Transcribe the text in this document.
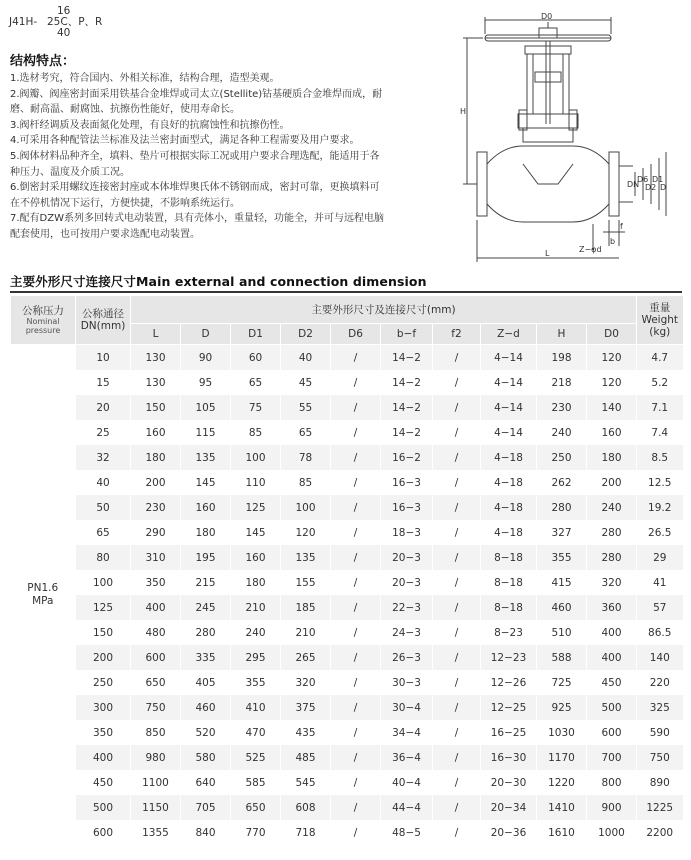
J41H-
16
25C、P、R
40
结构特点：
1.选材考究，符合国内、外相关标准，结构合理，造型美观。
2.阀瓣、阀座密封面采用铁基合金堆焊或司太立(Stellite)钴基硬质合金堆焊而成，耐
磨、耐高温、耐腐蚀、抗擦伤性能好，使用寿命长。
3.阀杆经调质及表面氮化处理，有良好的抗腐蚀性和抗擦伤性。
4.可采用各种配管法兰标准及法兰密封面型式，满足各种工程需要及用户要求。
5.阀体材料品种齐全，填料、垫片可根据实际工况或用户要求合理选配，能适用于各
种压力、温度及介质工况。
6.倒密封采用螺纹连接密封座或本体堆焊奥氏体不锈钢而成，密封可靠，更换填料可
在不停机情况下运行，方便快捷，不影响系统运行。
7.配有DZW系列多回转式电动装置，具有壳体小，重量轻，功能全，并可与远程电脑
配套使用，也可按用户要求选配电动装置。
D0
H
DN
D6
D2
D1
D
Z−φd
b
f
L
主要外形尺寸连接尺寸Main external and connection dimension
公称压力
Nominal
pressure	公称通径
DN(mm)	主要外形尺寸及连接尺寸(mm)										重量
Weight
(kg)

		L	D	D1	D2	D6	b−f	f2	Z−d	H	D0	

PN1.6
MPa	10	130	90	60	40	/	14−2	/	4−14	198	120	4.7
	15	130	95	65	45	/	14−2	/	4−14	218	120	5.2
	20	150	105	75	55	/	14−2	/	4−14	230	140	7.1
	25	160	115	85	65	/	14−2	/	4−14	240	160	7.4
	32	180	135	100	78	/	16−2	/	4−18	250	180	8.5
	40	200	145	110	85	/	16−3	/	4−18	262	200	12.5
	50	230	160	125	100	/	16−3	/	4−18	280	240	19.2
	65	290	180	145	120	/	18−3	/	4−18	327	280	26.5
	80	310	195	160	135	/	20−3	/	8−18	355	280	29
	100	350	215	180	155	/	20−3	/	8−18	415	320	41
	125	400	245	210	185	/	22−3	/	8−18	460	360	57
	150	480	280	240	210	/	24−3	/	8−23	510	400	86.5
	200	600	335	295	265	/	26−3	/	12−23	588	400	140
	250	650	405	355	320	/	30−3	/	12−26	725	450	220
	300	750	460	410	375	/	30−4	/	12−25	925	500	325
	350	850	520	470	435	/	34−4	/	16−25	1030	600	590
	400	980	580	525	485	/	36−4	/	16−30	1170	700	750
	450	1100	640	585	545	/	40−4	/	20−30	1220	800	890
	500	1150	705	650	608	/	44−4	/	20−34	1410	900	1225
	600	1355	840	770	718	/	48−5	/	20−36	1610	1000	2200
